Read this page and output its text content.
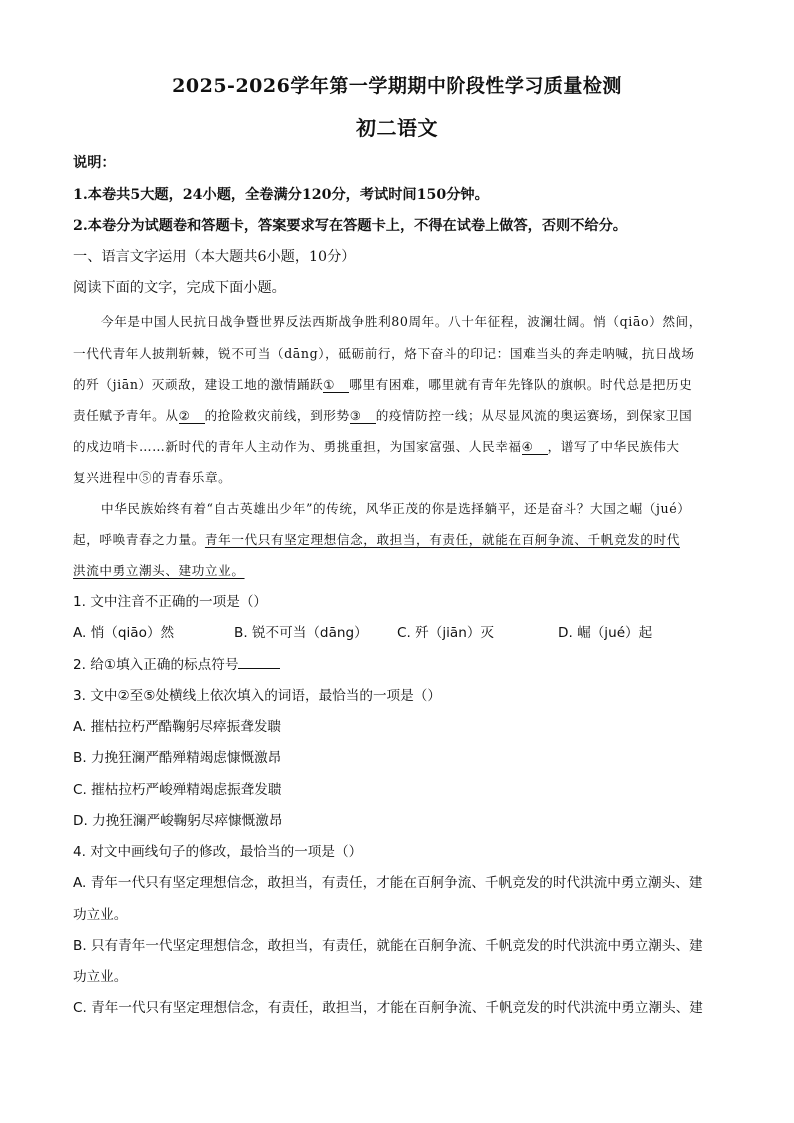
2025-2026学年第一学期期中阶段性学习质量检测
初二语文
说明：
1.本卷共5大题，24小题，全卷满分120分，考试时间150分钟。
2.本卷分为试题卷和答题卡，答案要求写在答题卡上，不得在试卷上做答，否则不给分。
一、语言文字运用（本大题共6小题，10分）
阅读下面的文字，完成下面小题。
今年是中国人民抗日战争暨世界反法西斯战争胜利80周年。八十年征程，波澜壮阔。悄（qiāo）然间，
一代代青年人披荆斩棘，锐不可当（dāng），砥砺前行，烙下奋斗的印记：国难当头的奔走呐喊，抗日战场
的歼（jiān）灭顽敌，建设工地的激情踊跃① 哪里有困难，哪里就有青年先锋队的旗帜。时代总是把历史
责任赋予青年。从② 的抢险救灾前线，到形势③ 的疫情防控一线；从尽显风流的奥运赛场，到保家卫国
的戍边哨卡……新时代的青年人主动作为、勇挑重担，为国家富强、人民幸福④ ，谱写了中华民族伟大
复兴进程中⑤的青春乐章。
中华民族始终有着“自古英雄出少年”的传统，风华正茂的你是选择躺平，还是奋斗？大国之崛（jué）
起，呼唤青春之力量。青年一代只有坚定理想信念，敢担当，有责任，就能在百舸争流、千帆竞发的时代
洪流中勇立潮头、建功立业。
1. 文中注音不正确的一项是（）
A. 悄（qiāo）然	B. 锐不可当（dāng） C. 歼（jiān）灭	D. 崛（jué）起
2. 给①填入正确的标点符号
3. 文中②至⑤处横线上依次填入的词语，最恰当的一项是（）
A. 摧枯拉朽严酷鞠躬尽瘁振聋发聩
B. 力挽狂澜严酷殚精竭虑慷慨激昂
C. 摧枯拉朽严峻殚精竭虑振聋发聩
D. 力挽狂澜严峻鞠躬尽瘁慷慨激昂
4. 对文中画线句子的修改，最恰当的一项是（）
A. 青年一代只有坚定理想信念，敢担当，有责任，才能在百舸争流、千帆竞发的时代洪流中勇立潮头、建
功立业。
B. 只有青年一代坚定理想信念，敢担当，有责任，就能在百舸争流、千帆竞发的时代洪流中勇立潮头、建
功立业。
C. 青年一代只有坚定理想信念，有责任，敢担当，才能在百舸争流、千帆竞发的时代洪流中勇立潮头、建
